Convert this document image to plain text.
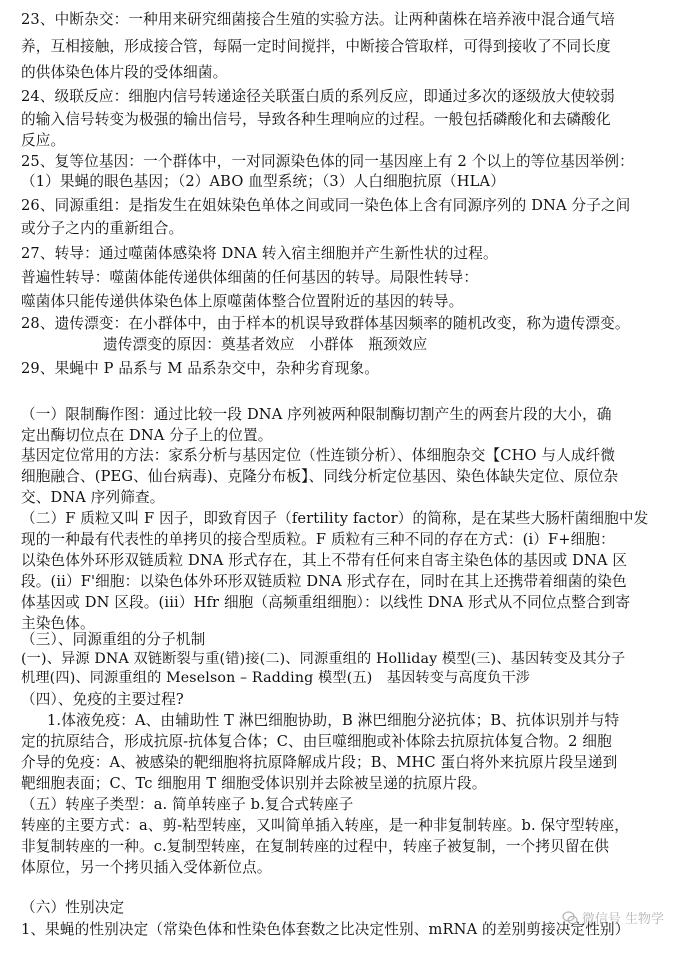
23、中断杂交：一种用来研究细菌接合生殖的实验方法。让两种菌株在培养液中混合通气培
养，互相接触，形成接合管，每隔一定时间搅拌，中断接合管取样，可得到接收了不同长度
的供体染色体片段的受体细菌。
24、级联反应：细胞内信号转递途径关联蛋白质的系列反应，即通过多次的逐级放大使较弱
的输入信号转变为极强的输出信号，导致各种生理响应的过程。一般包括磷酸化和去磷酸化
反应。
25、复等位基因：一个群体中，一对同源染色体的同一基因座上有 2 个以上的等位基因举例：
（1）果蝇的眼色基因；（2）ABO 血型系统；（3）人白细胞抗原（HLA）
26、同源重组：是指发生在姐妹染色单体之间或同一染色体上含有同源序列的 DNA 分子之间
或分子之内的重新组合。
27、转导：通过噬菌体感染将 DNA 转入宿主细胞并产生新性状的过程。
普遍性转导：噬菌体能传递供体细菌的任何基因的转导。局限性转导：
噬菌体只能传递供体染色体上原噬菌体整合位置附近的基因的转导。
28、遗传漂变：在小群体中，由于样本的机误导致群体基因频率的随机改变，称为遗传漂变。
遗传漂变的原因：奠基者效应　小群体　瓶颈效应
29、果蝇中 P 品系与 M 品系杂交中，杂种劣育现象。
（一）限制酶作图：通过比较一段 DNA 序列被两种限制酶切割产生的两套片段的大小，确
定出酶切位点在 DNA 分子上的位置。
基因定位常用的方法：家系分析与基因定位（性连锁分析）、体细胞杂交【CHO 与人成纤微
细胞融合、(PEG、仙台病毒)、克隆分布板】、同线分析定位基因、染色体缺失定位、原位杂
交、DNA 序列筛查。
（二）F 质粒又叫 F 因子，即致育因子（fertility factor）的简称，是在某些大肠杆菌细胞中发
现的一种最有代表性的单拷贝的接合型质粒。F 质粒有三种不同的存在方式：(i）F+细胞：
以染色体外环形双链质粒 DNA 形式存在，其上不带有任何来自寄主染色体的基因或 DNA 区
段。(ii）F'细胞：以染色体外环形双链质粒 DNA 形式存在，同时在其上还携带着细菌的染色
体基因或 DN 区段。(iii）Hfr 细胞（高频重组细胞）：以线性 DNA 形式从不同位点整合到寄
主染色体。
（三）、同源重组的分子机制
(一)、异源 DNA 双链断裂与重(错)接(二)、同源重组的 Holliday 模型(三)、基因转变及其分子
机理(四)、同源重组的 Meselson – Radding 模型(五)　基因转变与高度负干涉
（四）、免疫的主要过程?
1.体液免疫：A、由辅助性 T 淋巴细胞协助，B 淋巴细胞分泌抗体；B、抗体识别并与特
定的抗原结合，形成抗原-抗体复合体；C、由巨噬细胞或补体除去抗原抗体复合物。2 细胞
介导的免疫：A、被感染的靶细胞将抗原降解成片段；B、MHC 蛋白将外来抗原片段呈递到
靶细胞表面；C、Tc 细胞用 T 细胞受体识别并去除被呈递的抗原片段。
（五）转座子类型：a. 简单转座子 b.复合式转座子
转座的主要方式：a、剪-粘型转座，又叫简单插入转座，是一种非复制转座。b. 保守型转座，
非复制转座的一种。c.复制型转座，在复制转座的过程中，转座子被复制，一个拷贝留在供
体原位，另一个拷贝插入受体新位点。
（六）性别决定
1、果蝇的性别决定（常染色体和性染色体套数之比决定性别、mRNA 的差别剪接决定性别）
微信号 生物学
